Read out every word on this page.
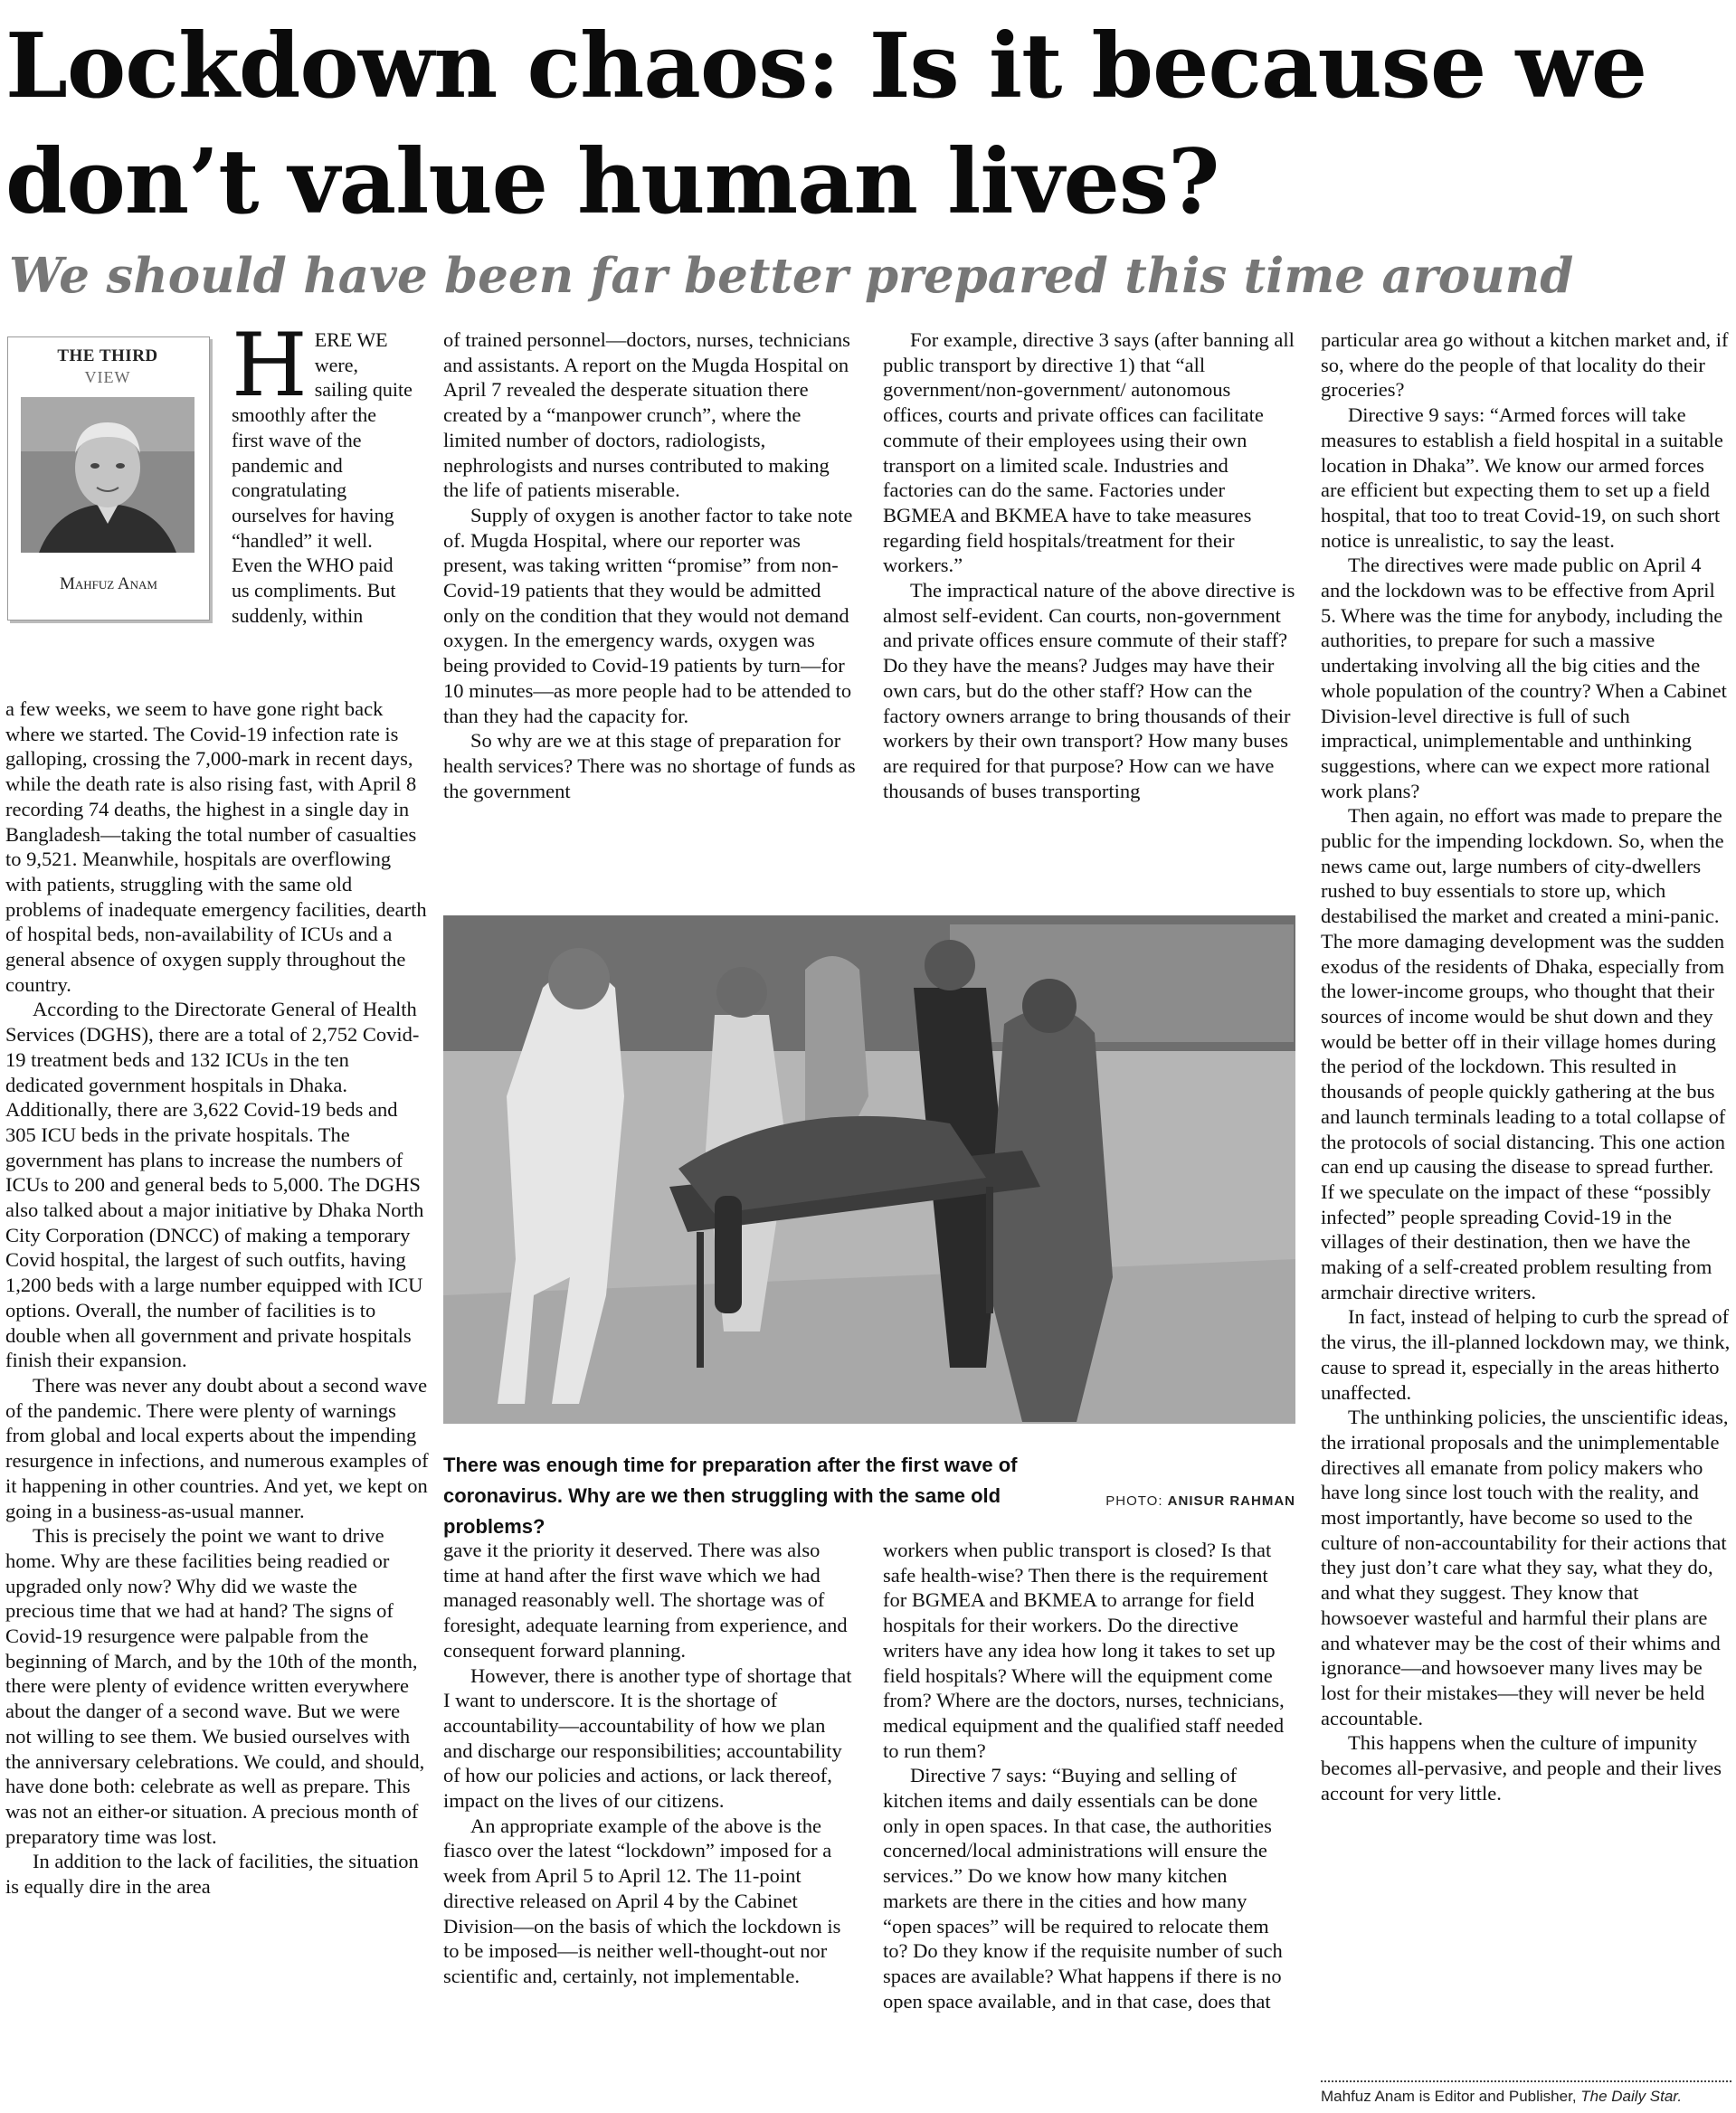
Lockdown chaos: Is it because we don’t value human lives?
We should have been far better prepared this time around
THE THIRD
VIEW
Mahfuz Anam
HERE WE were, sailing quite smoothly after the first wave of the pandemic and congratulating ourselves for having “handled” it well. Even the WHO paid us compliments. But suddenly, within

a few weeks, we seem to have gone right back where we started. The Covid-19 infection rate is galloping, crossing the 7,000-mark in recent days, while the death rate is also rising fast, with April 8 recording 74 deaths, the highest in a single day in Bangladesh—taking the total number of casualties to 9,521. Meanwhile, hospitals are overflowing with patients, struggling with the same old problems of inadequate emergency facilities, dearth of hospital beds, non-availability of ICUs and a general absence of oxygen supply throughout the country.

According to the Directorate General of Health Services (DGHS), there are a total of 2,752 Covid-19 treatment beds and 132 ICUs in the ten dedicated government hospitals in Dhaka. Additionally, there are 3,622 Covid-19 beds and 305 ICU beds in the private hospitals. The government has plans to increase the numbers of ICUs to 200 and general beds to 5,000. The DGHS also talked about a major initiative by Dhaka North City Corporation (DNCC) of making a temporary Covid hospital, the largest of such outfits, having 1,200 beds with a large number equipped with ICU options. Overall, the number of facilities is to double when all government and private hospitals finish their expansion.

There was never any doubt about a second wave of the pandemic. There were plenty of warnings from global and local experts about the impending resurgence in infections, and numerous examples of it happening in other countries. And yet, we kept on going in a business-as-usual manner.

This is precisely the point we want to drive home. Why are these facilities being readied or upgraded only now? Why did we waste the precious time that we had at hand? The signs of Covid-19 resurgence were palpable from the beginning of March, and by the 10th of the month, there were plenty of evidence written everywhere about the danger of a second wave. But we were not willing to see them. We busied ourselves with the anniversary celebrations. We could, and should, have done both: celebrate as well as prepare. This was not an either-or situation. A precious month of preparatory time was lost.

In addition to the lack of facilities, the situation is equally dire in the area

of trained personnel—doctors, nurses, technicians and assistants. A report on the Mugda Hospital on April 7 revealed the desperate situation there created by a “manpower crunch”, where the limited number of doctors, radiologists, nephrologists and nurses contributed to making the life of patients miserable.

Supply of oxygen is another factor to take note of. Mugda Hospital, where our reporter was present, was taking written “promise” from non-Covid-19 patients that they would be admitted only on the condition that they would not demand oxygen. In the emergency wards, oxygen was being provided to Covid-19 patients by turn—for 10 minutes—as more people had to be attended to than they had the capacity for.

So why are we at this stage of preparation for health services? There was no shortage of funds as the government

For example, directive 3 says (after banning all public transport by directive 1) that “all government/non-government/ autonomous offices, courts and private offices can facilitate commute of their employees using their own transport on a limited scale. Industries and factories can do the same. Factories under BGMEA and BKMEA have to take measures regarding field hospitals/treatment for their workers.”

The impractical nature of the above directive is almost self-evident. Can courts, non-government and private offices ensure commute of their staff? Do they have the means? Judges may have their own cars, but do the other staff? How can the factory owners arrange to bring thousands of their workers by their own transport? How many buses are required for that purpose? How can we have thousands of buses transporting

There was enough time for preparation after the first wave of coronavirus. Why are we then struggling with the same old problems?
PHOTO: ANISUR RAHMAN

gave it the priority it deserved. There was also time at hand after the first wave which we had managed reasonably well. The shortage was of foresight, adequate learning from experience, and consequent forward planning.

However, there is another type of shortage that I want to underscore. It is the shortage of accountability—accountability of how we plan and discharge our responsibilities; accountability of how our policies and actions, or lack thereof, impact on the lives of our citizens.

An appropriate example of the above is the fiasco over the latest “lockdown” imposed for a week from April 5 to April 12. The 11-point directive released on April 4 by the Cabinet Division—on the basis of which the lockdown is to be imposed—is neither well-thought-out nor scientific and, certainly, not implementable.

workers when public transport is closed? Is that safe health-wise? Then there is the requirement for BGMEA and BKMEA to arrange for field hospitals for their workers. Do the directive writers have any idea how long it takes to set up field hospitals? Where will the equipment come from? Where are the doctors, nurses, technicians, medical equipment and the qualified staff needed to run them?

Directive 7 says: “Buying and selling of kitchen items and daily essentials can be done only in open spaces. In that case, the authorities concerned/local administrations will ensure the services.” Do we know how many kitchen markets are there in the cities and how many “open spaces” will be required to relocate them to? Do they know if the requisite number of such spaces are available? What happens if there is no open space available, and in that case, does that

particular area go without a kitchen market and, if so, where do the people of that locality do their groceries?

Directive 9 says: “Armed forces will take measures to establish a field hospital in a suitable location in Dhaka”. We know our armed forces are efficient but expecting them to set up a field hospital, that too to treat Covid-19, on such short notice is unrealistic, to say the least.

The directives were made public on April 4 and the lockdown was to be effective from April 5. Where was the time for anybody, including the authorities, to prepare for such a massive undertaking involving all the big cities and the whole population of the country? When a Cabinet Division-level directive is full of such impractical, unimplementable and unthinking suggestions, where can we expect more rational work plans?

Then again, no effort was made to prepare the public for the impending lockdown. So, when the news came out, large numbers of city-dwellers rushed to buy essentials to store up, which destabilised the market and created a mini-panic. The more damaging development was the sudden exodus of the residents of Dhaka, especially from the lower-income groups, who thought that their sources of income would be shut down and they would be better off in their village homes during the period of the lockdown. This resulted in thousands of people quickly gathering at the bus and launch terminals leading to a total collapse of the protocols of social distancing. This one action can end up causing the disease to spread further. If we speculate on the impact of these “possibly infected” people spreading Covid-19 in the villages of their destination, then we have the making of a self-created problem resulting from armchair directive writers.

In fact, instead of helping to curb the spread of the virus, the ill-planned lockdown may, we think, cause to spread it, especially in the areas hitherto unaffected.

The unthinking policies, the unscientific ideas, the irrational proposals and the unimplementable directives all emanate from policy makers who have long since lost touch with the reality, and most importantly, have become so used to the culture of non-accountability for their actions that they just don’t care what they say, what they do, and what they suggest. They know that howsoever wasteful and harmful their plans are and whatever may be the cost of their whims and ignorance—and howsoever many lives may be lost for their mistakes—they will never be held accountable.

This happens when the culture of impunity becomes all-pervasive, and people and their lives account for very little.

Mahfuz Anam is Editor and Publisher, The Daily Star.
